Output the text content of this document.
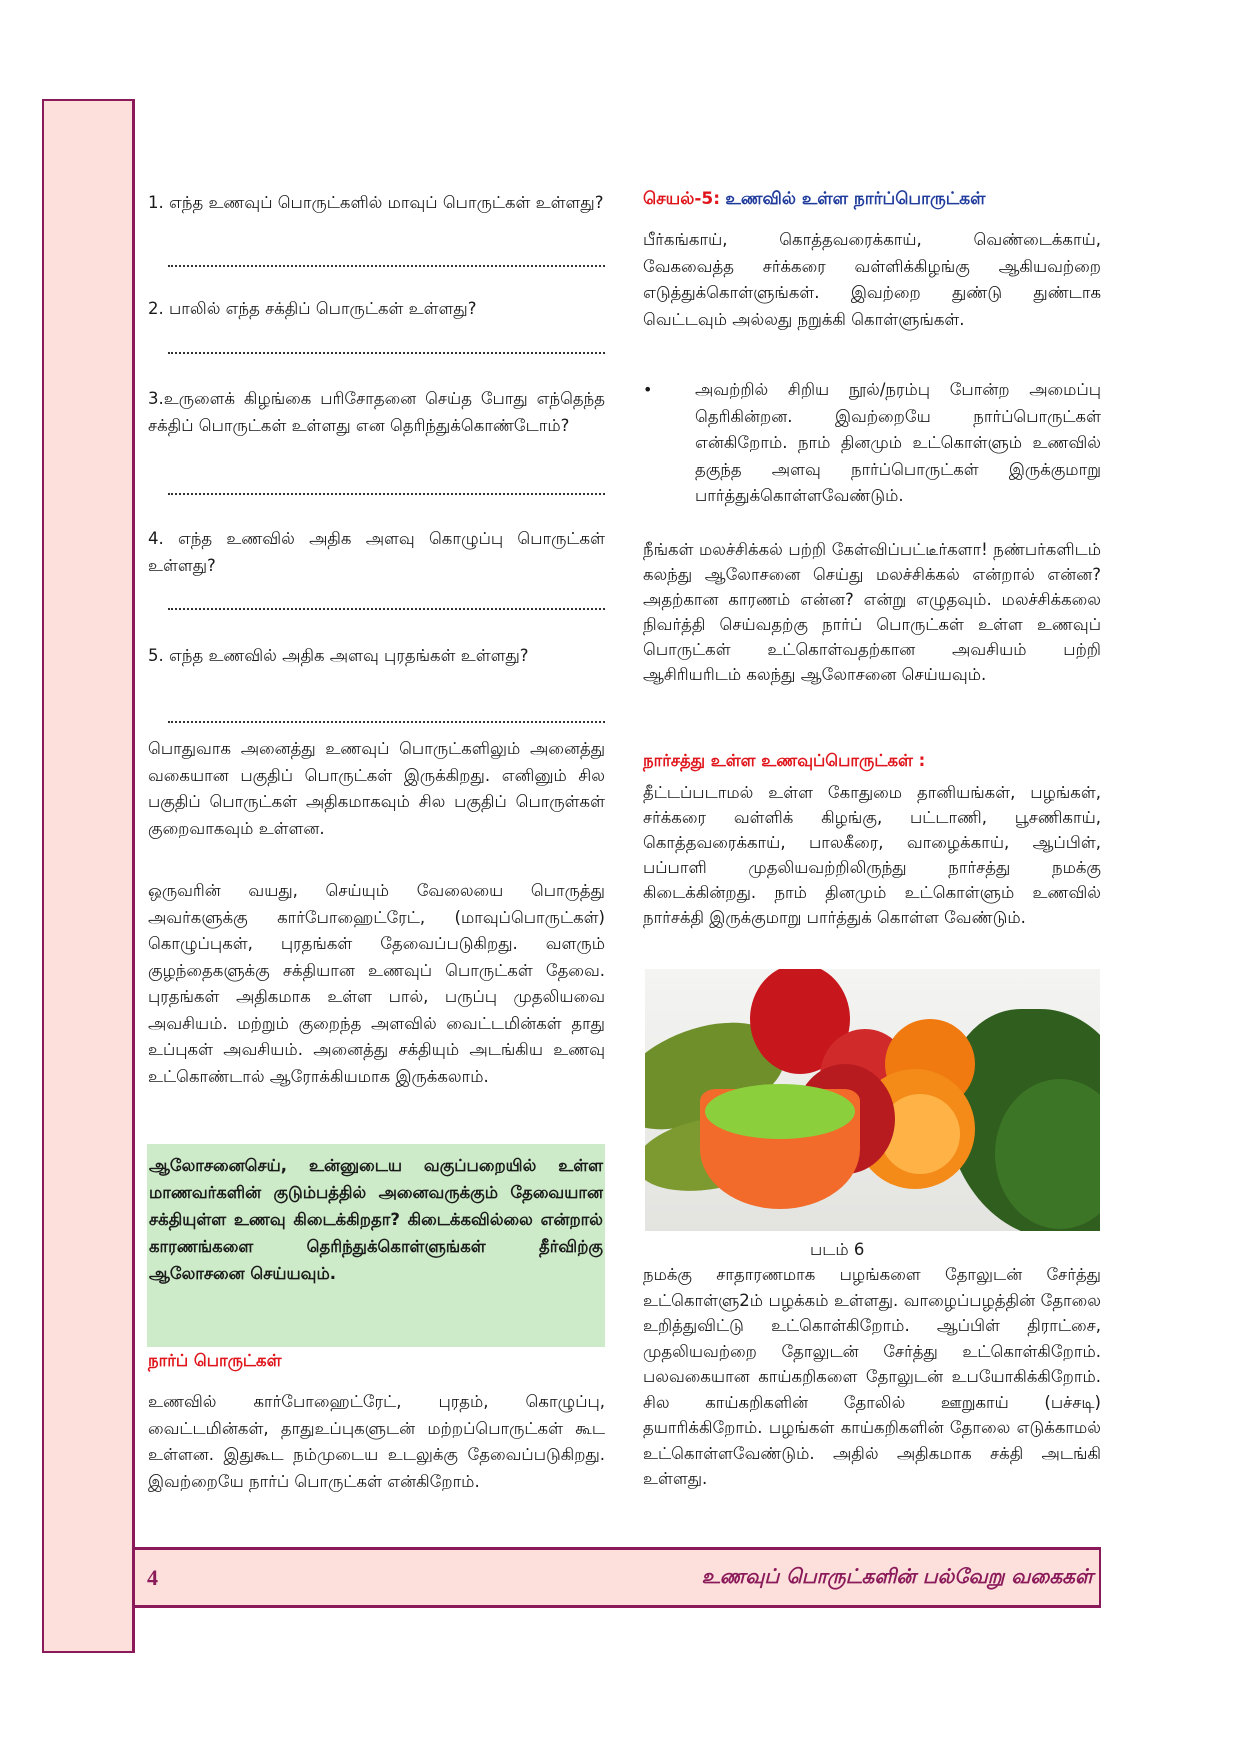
1. எந்த உணவுப் பொருட்களில் மாவுப் பொருட்கள் உள்ளது?

2. பாலில் எந்த சக்திப் பொருட்கள் உள்ளது?

3.உருளைக் கிழங்கை பரிசோதனை செய்த போது எந்தெந்த சக்திப் பொருட்கள் உள்ளது என தெரிந்துக்கொண்டோம்?

4. எந்த உணவில் அதிக அளவு கொழுப்பு பொருட்கள் உள்ளது?

5. எந்த உணவில் அதிக அளவு புரதங்கள் உள்ளது?

பொதுவாக அனைத்து உணவுப் பொருட்களிலும் அனைத்து வகையான பகுதிப் பொருட்கள் இருக்கிறது. எனினும் சில பகுதிப் பொருட்கள் அதிகமாகவும் சில பகுதிப் பொருள்கள் குறைவாகவும் உள்ளன.

ஒருவரின் வயது, செய்யும் வேலையை பொருத்து அவர்களுக்கு கார்போஹைட்ரேட், (மாவுப்பொருட்கள்) கொழுப்புகள், புரதங்கள் தேவைப்படுகிறது. வளரும் குழந்தைகளுக்கு சக்தியான உணவுப் பொருட்கள் தேவை. புரதங்கள் அதிகமாக உள்ள பால், பருப்பு முதலியவை அவசியம். மற்றும் குறைந்த அளவில் வைட்டமின்கள் தாது உப்புகள் அவசியம். அனைத்து சக்தியும் அடங்கிய உணவு உட்கொண்டால் ஆரோக்கியமாக இருக்கலாம்.

ஆலோசனைசெய், உன்னுடைய வகுப்பறையில் உள்ள மாணவர்களின் குடும்பத்தில் அனைவருக்கும் தேவையான சக்தியுள்ள உணவு கிடைக்கிறதா? கிடைக்கவில்லை என்றால் காரணங்களை தெரிந்துக்கொள்ளுங்கள் தீர்விற்கு ஆலோசனை செய்யவும்.

நார்ப் பொருட்கள்

உணவில் கார்போஹைட்ரேட், புரதம், கொழுப்பு, வைட்டமின்கள், தாதுஉப்புகளுடன் மற்றப்பொருட்கள் கூட உள்ளன. இதுகூட நம்முடைய உடலுக்கு தேவைப்படுகிறது. இவற்றையே நார்ப் பொருட்கள் என்கிறோம்.

செயல்-5: உணவில் உள்ள நார்ப்பொருட்கள்

பீர்கங்காய், கொத்தவரைக்காய், வெண்டைக்காய், வேகவைத்த சர்க்கரை வள்ளிக்கிழங்கு ஆகியவற்றை எடுத்துக்கொள்ளுங்கள். இவற்றை துண்டு துண்டாக வெட்டவும் அல்லது நறுக்கி கொள்ளுங்கள்.

•	அவற்றில் சிறிய நூல்/நரம்பு போன்ற அமைப்பு தெரிகின்றன. இவற்றையே நார்ப்பொருட்கள் என்கிறோம். நாம் தினமும் உட்கொள்ளும் உணவில் தகுந்த அளவு நார்ப்பொருட்கள் இருக்குமாறு பார்த்துக்கொள்ளவேண்டும்.

நீங்கள் மலச்சிக்கல் பற்றி கேள்விப்பட்டீர்களா! நண்பர்களிடம் கலந்து ஆலோசனை செய்து மலச்சிக்கல் என்றால் என்ன? அதற்கான காரணம் என்ன? என்று எழுதவும். மலச்சிக்கலை நிவர்த்தி செய்வதற்கு நார்ப் பொருட்கள் உள்ள உணவுப் பொருட்கள் உட்கொள்வதற்கான அவசியம் பற்றி ஆசிரியரிடம் கலந்து ஆலோசனை செய்யவும்.

நார்சத்து உள்ள உணவுப்பொருட்கள் :

தீட்டப்படாமல் உள்ள கோதுமை தானியங்கள், பழங்கள், சர்க்கரை வள்ளிக் கிழங்கு, பட்டாணி, பூசணிகாய், கொத்தவரைக்காய், பாலகீரை, வாழைக்காய், ஆப்பிள், பப்பாளி முதலியவற்றிலிருந்து நார்சத்து நமக்கு கிடைக்கின்றது. நாம் தினமும் உட்கொள்ளும் உணவில் நார்சக்தி இருக்குமாறு பார்த்துக் கொள்ள வேண்டும்.

படம் 6

நமக்கு சாதாரணமாக பழங்களை தோலுடன் சேர்த்து உட்கொள்ளு2ம் பழக்கம் உள்ளது. வாழைப்பழத்தின் தோலை உறித்துவிட்டு உட்கொள்கிறோம். ஆப்பிள் திராட்சை, முதலியவற்றை தோலுடன் சேர்த்து உட்கொள்கிறோம். பலவகையான காய்கறிகளை தோலுடன் உபயோகிக்கிறோம். சில காய்கறிகளின் தோலில் ஊறுகாய் (பச்சடி) தயாரிக்கிறோம். பழங்கள் காய்கறிகளின் தோலை எடுக்காமல் உட்கொள்ளவேண்டும். அதில் அதிகமாக சக்தி அடங்கி உள்ளது.

4	உணவுப் பொருட்களின் பல்வேறு வகைகள்
